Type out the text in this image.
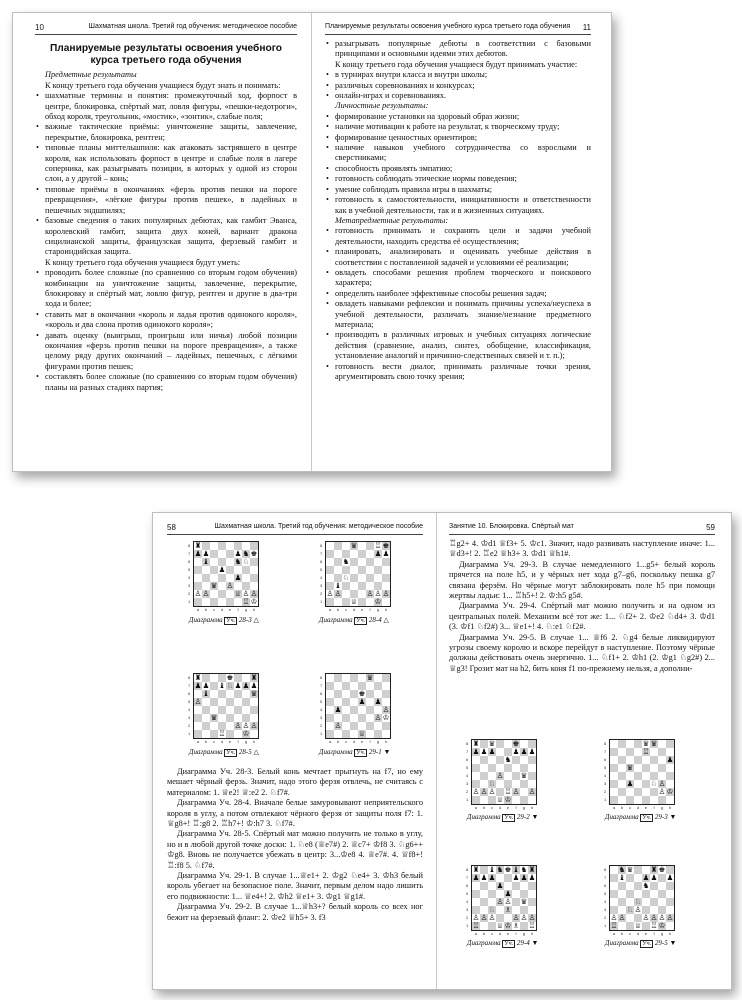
10	Шахматная школа. Третий год обучения: методическое пособие

Планируемые результаты освоения учебного курса третьего года обучения

Предметные результаты

К концу третьего года обучения учащиеся будут знать и понимать:

• шахматные термины и понятия: промежуточный ход, форпост в центре, блокировка, спёртый мат, ловля фигуры, «пешки-недотроги», обход короля, треугольник, «мостик», «зонтик», слабые поля;
• важные тактические приёмы: уничтожение защиты, завлечение, перекрытие, блокировка, рентген;
• типовые планы миттельшпиля: как атаковать застрявшего в центре короля, как использовать форпост в центре и слабые поля в лагере соперника, как разыгрывать позиции, в которых у одной из сторон слон, а у другой – конь;
• типовые приёмы в окончаниях «ферзь против пешки на пороге превращения», «лёгкие фигуры против пешек», в ладейных и пешечных эндшпилях;
• базовые сведения о таких популярных дебютах, как гамбит Эванса, королевский гамбит, защита двух коней, вариант дракона сицилианской защиты, французская защита, ферзевый гамбит и староиндийская защита.

К концу третьего года обучения учащиеся будут уметь:

• проводить более сложные (по сравнению со вторым годом обучения) комбинации на уничтожение защиты, завлечение, перекрытие, блокировку и спёртый мат, ловлю фигур, рентген и другие в два-три хода и более;
• ставить мат в окончании «король и ладья против одинокого короля», «король и два слона против одинокого короля»;
• давать оценку (выигрыш, проигрыш или ничья) любой позиции окончания «ферзь против пешки на пороге превращения», а также целому ряду других окончаний – ладейных, пешечных, с лёгкими фигурами против пешек;
• составлять более сложные (по сравнению со вторым годом обучения) планы на разных стадиях партия;
Планируемые результаты освоения учебного курса третьего года обучения 11
• разыгрывать популярные дебюты в соответствии с базовыми принципами и основными идеями этих дебютов.

К концу третьего года обучения учащиеся будут принимать участие:

• в турнирах внутри класса и внутри школы;
• различных соревнованиях и конкурсах;
• онлайн-играх и соревнованиях.

Личностные результаты:

• формирование установки на здоровый образ жизни;
• наличие мотивации к работе на результат, к творческому труду;
• формирование ценностных ориентиров;
• наличие навыков учебного сотрудничества со взрослыми и сверстниками;
• способность проявлять эмпатию;
• готовность соблюдать этические нормы поведения;
• умение соблюдать правила игры в шахматы;
• готовность к самостоятельности, инициативности и ответственности как в учебной деятельности, так и в жизненных ситуациях.

Метапредметные результаты:

• готовность принимать и сохранять цели и задачи учебной деятельности, находить средства её осуществления;
• планировать, анализировать и оценивать учебные действия в соответствии с поставленной задачей и условиями её реализации;
• овладеть способами решения проблем творческого и поискового характера;
• определять наиболее эффективные способы решения задач;
• овладеть навыками рефлексии и понимать причины успеха/неуспеха в учебной деятельности, различать знание/незнание предметного материала;
• производить в различных игровых и учебных ситуациях логические действия (сравнение, анализ, синтез, обобщение, классификация, установление аналогий и причинно-следственных связей и т. п.);
• готовность вести диалог, принимать различные точки зрения, аргументировать свою точку зрения;
58	Шахматная школа. Третий год обучения: методическое пособие
♜
♟ ♟	♟ ♞ ♚
♝	♞ ♘
♟
♟
♛ ♙
♙ ♙	♕ ♙ ♙
♖ ♔
8
7
6
5
4
3
2
1
a	b	c	d	e	f	g	h
Диаграмма Уч. 28-3 △
♛ ♖ ♚
♟ ♟
♞
♘
♝
♙ ♙	♙ ♙ ♙
♕ ♔
8
7
6
5
4
3
2
1
a	b	c	d	e	f	g	h
Диаграмма Уч. 28-4 △
♜	♚ ♜
♟ ♟ ♝ ♘ ♟ ♟ ♟
♝	♛
♙
♛
♙ ♙ ♙
♖ ♔
8
7
6
5
4
3
2
1
a	b	c	d	e	f	g	h
Диаграмма Уч. 28-5 △
♛
♚
♟ ♟
♟	♙
♙ ♔
♙
♕
8
7
6
5
4
3
2
1
a	b	c	d	e	f	g	h
Диаграмма Уч. 29-1 ▼

Диаграмма Уч. 28-3. Белый конь мечтает прыгнуть на f7, но ему мешает чёрный ферзь. Значит, надо этого ферзя отвлечь, не считаясь с материалом: 1. ♕e2! ♕:e2 2. ♘f7#.

Диаграмма Уч. 28-4. Вначале белые замуровывают неприятельского короля в углу, а потом отвлекают чёрного ферзя от защиты поля f7: 1. ♕g8+! ♖:g8 2. ♖h7+! ♔:h7 3. ♘f7#.

Диаграмма Уч. 28-5. Спёртый мат можно получить не только в углу, но и в любой другой точке доски: 1. ♘e8 (♕e7#) 2. ♕c7+ ♔f8 3. ♘g6++ ♔g8. Вновь не получается убежать в центр: 3...♔e8 4. ♕e7#. 4. ♕f8+! ♖:f8 5. ♘f7#.

Диаграмма Уч. 29-1. В случае 1...♕e1+ 2. ♔g2 ♘e4+ 3. ♔h3 белый король убегает на безопасное поле. Значит, первым делом надо лишить его подвижности: 1... ♕e4+! 2. ♔h2 ♕e1+ 3. ♔g1 ♕g1#.

Диаграмма Уч. 29-2. В случае 1...♕h3+? белый король со всех ног бежит на ферзевый фланг: 2. ♔e2 ♕h5+ 3. f3

Занятие 10. Блокировка. Спёртый мат	59

♖g2+ 4. ♔d1 ♕f3+ 5. ♔c1. Значит, надо развивать наступление иначе: 1... ♕d3+! 2. ♖e2 ♕h3+ 3. ♔d1 ♕h1#.

Диаграмма Уч. 29-3. В случае немедленного 1...g5+ белый король прячется на поле h5, и у чёрных нет хода g7–g6, поскольку пешка g7 связана ферзём. Но чёрные могут заблокировать поле h5 при помощи жертвы ладьи: 1... ♖h5+! 2. ♔:h5 g5#.

Диаграмма Уч. 29-4. Спёртый мат можно получить и на одном из центральных полей. Механизм всё тот же: 1... ♘f2+ 2. ♔e2 ♘d4+ 3. ♔d1 (3. ♔f1 ♘f2#) 3... ♕e1+! 4. ♘:e1 ♘f2#.

Диаграмма Уч. 29-5. В случае 1... ♕f6 2. ♘g4 белые ликвидируют угрозы своему королю и вскоре перейдут в наступление. Поэтому чёрные должны действовать очень энергично. 1... ♘f1+ 2. ♔h1 (2. ♔g1 ♘g2#) 2... ♕g3! Грозит мат на h2, бить коня f1 по-прежнему нельзя, а дополни-

♜ ♛ ♚
♟ ♟ ♟ ♟ ♟ ♟
♞
♙ ♛
♘
♙ ♙ ♙ ♖ ♙ ♙
♕ ♔
8
7
6
5
4
3
2
1
a	b	c	d	e	f	g	h
Диаграмма Уч. 29-2 ▼
♛ ♛
♖
♟
♛
♟ ♘ ♙
♙ ♔
8
7
6
5
4
3
2
1
a	b	c	d	e	f	g	h
Диаграмма Уч. 29-3 ▼
♜ ♝ ♞ ♚ ♝ ♞ ♜
♟ ♟ ♟ ♟ ♟ ♟
♟
♟
♙ ♙ ♛
♘ ♗
♙ ♙ ♙ ♙ ♙ ♙
♖ ♕ ♔ ♗ ♖
8
7
6
5
4
3
2
1
a	b	c	d	e	f	g	h
Диаграмма Уч. 29-4 ▼
♞ ♛ ♜ ♚
♝ ♟ ♟ ♟
♞
♘
♘ ♙
♙ ♙ ♙ ♙ ♙ ♙
♖ ♕ ♖ ♔
8
7
6
5
4
3
2
1
a	b	c	d	e	f	g	h
Диаграмма Уч. 29-5 ▼
